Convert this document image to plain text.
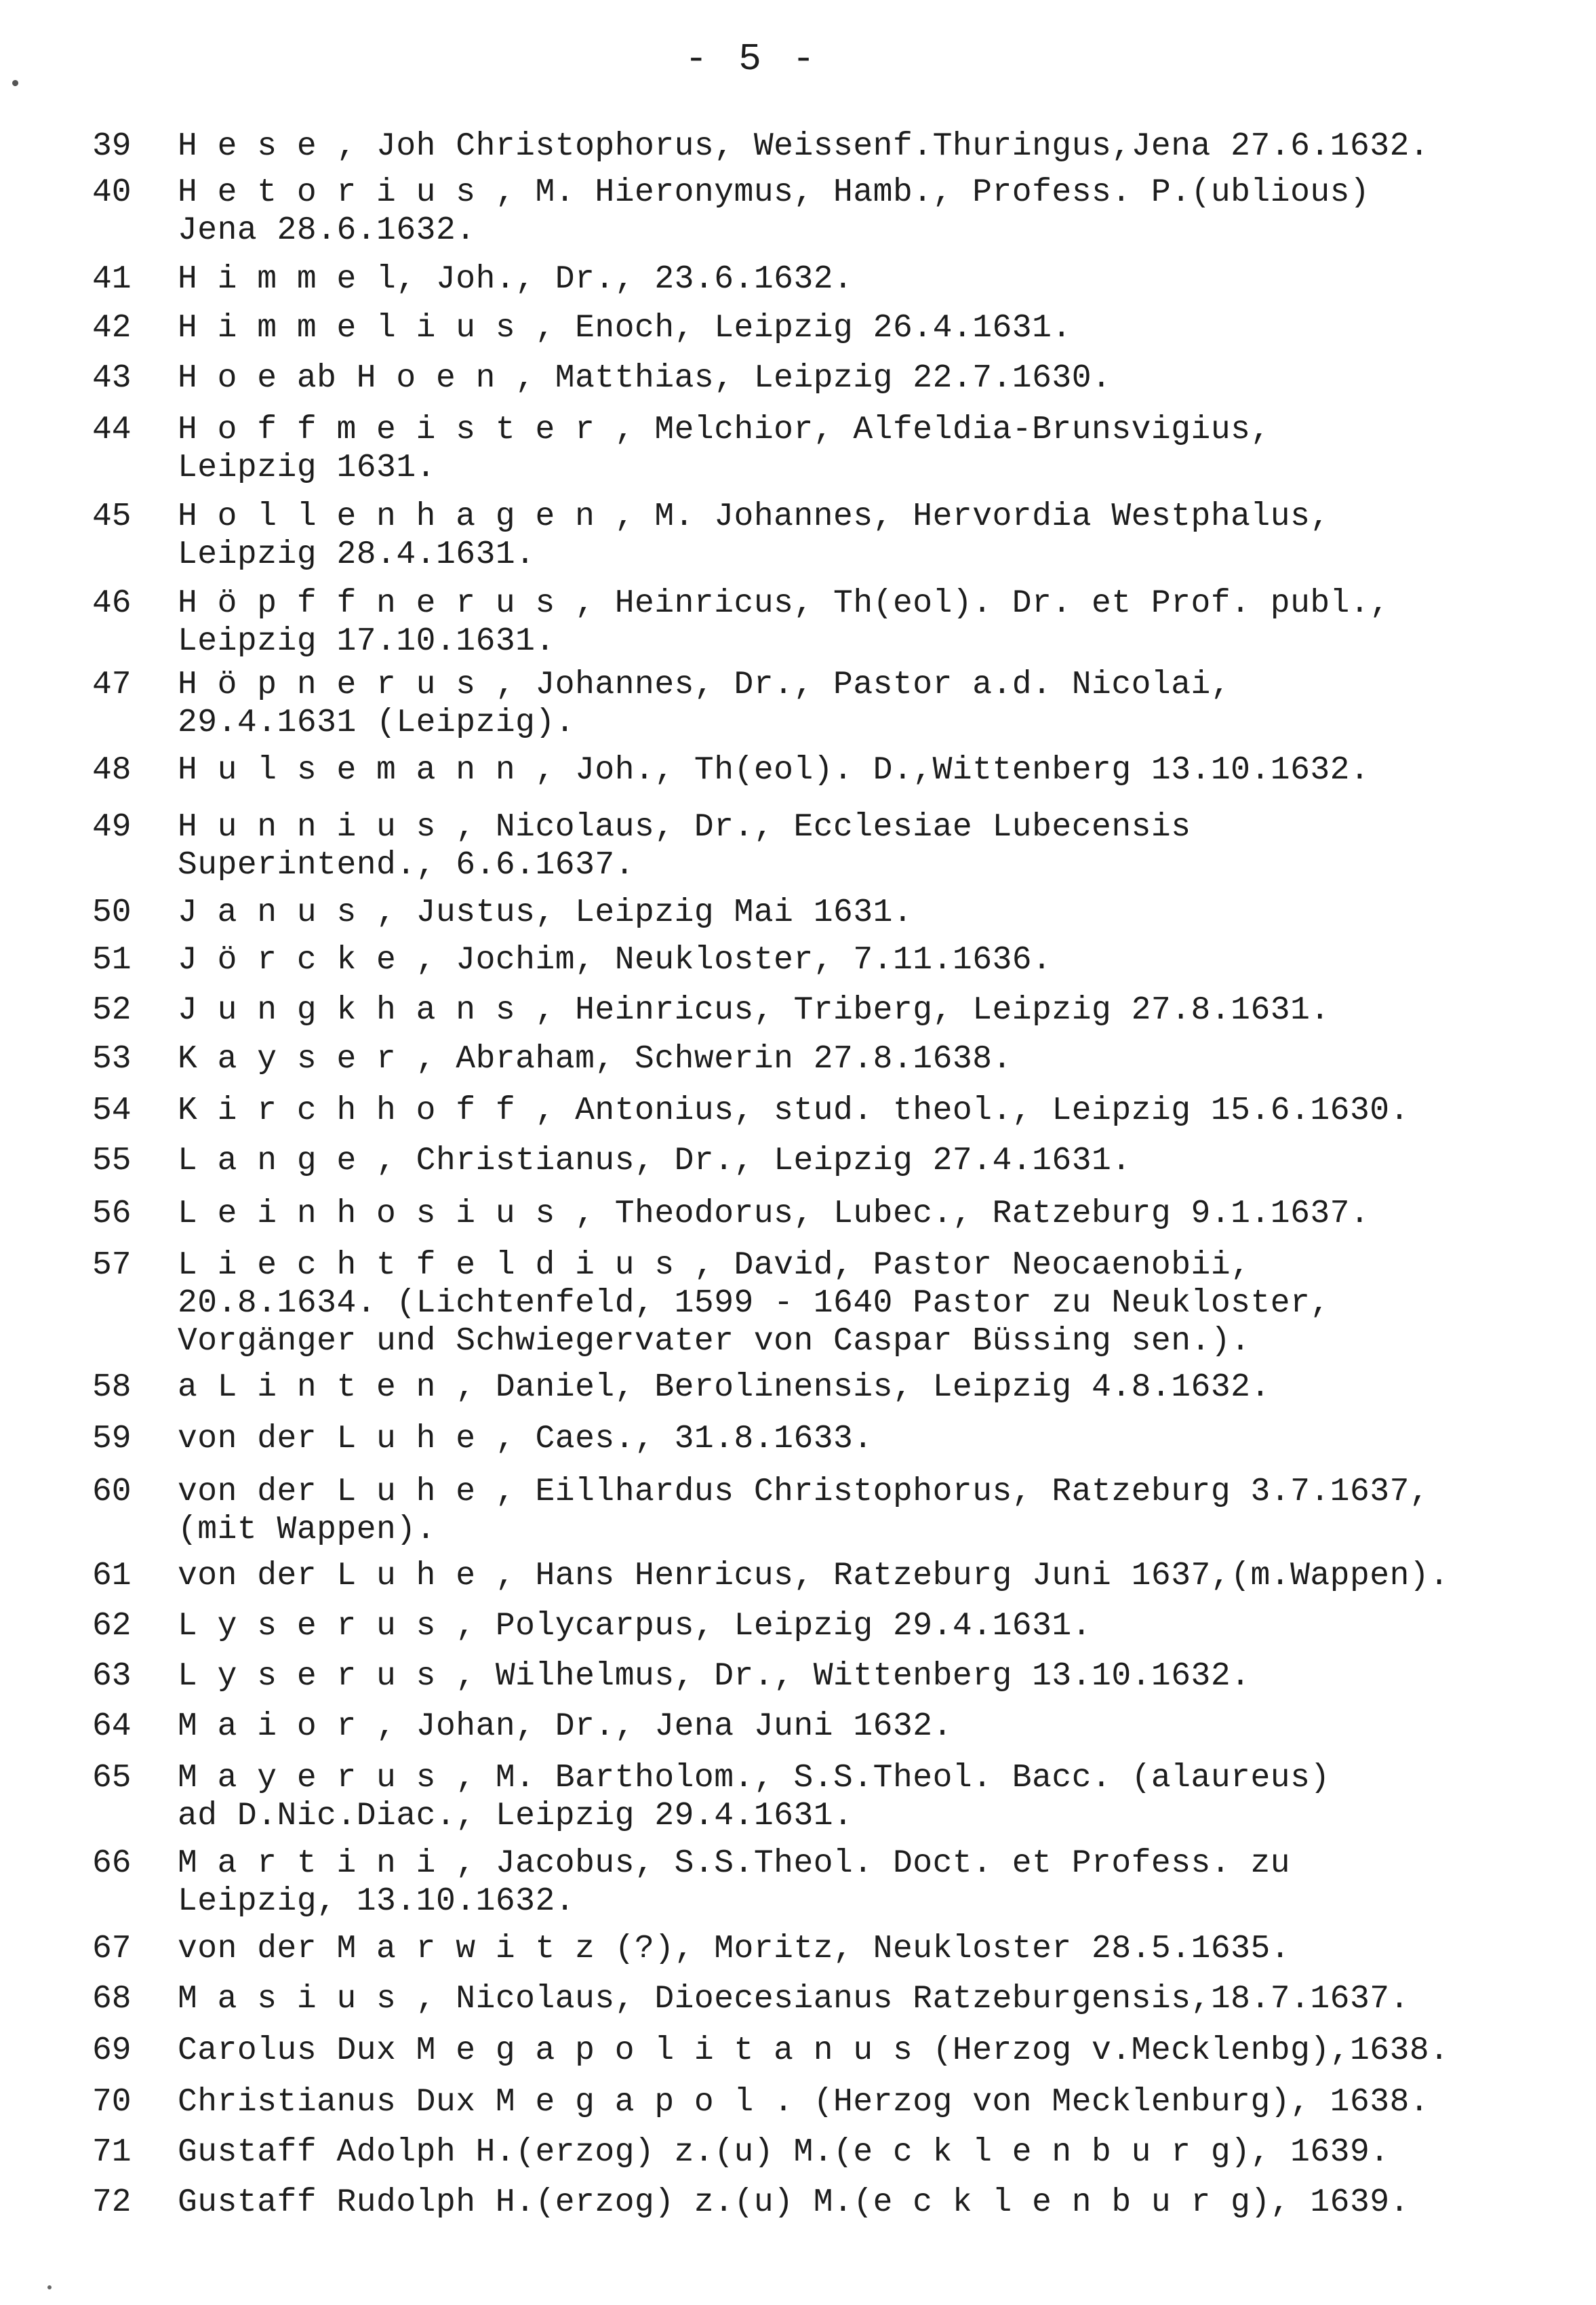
- 5 -
39 H e s e , Joh Christophorus, Weissenf.Thuringus,Jena 27.6.1632.
40 H e t o r i u s , M. Hieronymus, Hamb., Profess. P.(ublious)
Jena 28.6.1632.
41 H i m m e l, Joh., Dr., 23.6.1632.
42 H i m m e l i u s , Enoch, Leipzig 26.4.1631.
43 H o e ab H o e n , Matthias, Leipzig 22.7.1630.
44 H o f f m e i s t e r , Melchior, Alfeldia-Brunsvigius,
Leipzig 1631.
45 H o l l e n h a g e n , M. Johannes, Hervordia Westphalus,
Leipzig 28.4.1631.
46 H ö p f f n e r u s , Heinricus, Th(eol). Dr. et Prof. publ.,
Leipzig 17.10.1631.
47 H ö p n e r u s , Johannes, Dr., Pastor a.d. Nicolai,
29.4.1631 (Leipzig).
48 H u l s e m a n n , Joh., Th(eol). D.,Wittenberg 13.10.1632.
49 H u n n i u s , Nicolaus, Dr., Ecclesiae Lubecensis
Superintend., 6.6.1637.
50 J a n u s , Justus, Leipzig Mai 1631.
51 J ö r c k e , Jochim, Neukloster, 7.11.1636.
52 J u n g k h a n s , Heinricus, Triberg, Leipzig 27.8.1631.
53 K a y s e r , Abraham, Schwerin 27.8.1638.
54 K i r c h h o f f , Antonius, stud. theol., Leipzig 15.6.1630.
55 L a n g e , Christianus, Dr., Leipzig 27.4.1631.
56 L e i n h o s i u s , Theodorus, Lubec., Ratzeburg 9.1.1637.
57 L i e c h t f e l d i u s , David, Pastor Neocaenobii,
20.8.1634. (Lichtenfeld, 1599 - 1640 Pastor zu Neukloster,
Vorgänger und Schwiegervater von Caspar Büssing sen.).
58 a L i n t e n , Daniel, Berolinensis, Leipzig 4.8.1632.
59 von der L u h e , Caes., 31.8.1633.
60 von der L u h e , Eillhardus Christophorus, Ratzeburg 3.7.1637,
(mit Wappen).
61 von der L u h e , Hans Henricus, Ratzeburg Juni 1637,(m.Wappen).
62 L y s e r u s , Polycarpus, Leipzig 29.4.1631.
63 L y s e r u s , Wilhelmus, Dr., Wittenberg 13.10.1632.
64 M a i o r , Johan, Dr., Jena Juni 1632.
65 M a y e r u s , M. Bartholom., S.S.Theol. Bacc. (alaureus)
ad D.Nic.Diac., Leipzig 29.4.1631.
66 M a r t i n i , Jacobus, S.S.Theol. Doct. et Profess. zu
Leipzig, 13.10.1632.
67 von der M a r w i t z (?), Moritz, Neukloster 28.5.1635.
68 M a s i u s , Nicolaus, Dioecesianus Ratzeburgensis,18.7.1637.
69 Carolus Dux M e g a p o l i t a n u s (Herzog v.Mecklenbg),1638.
70 Christianus Dux M e g a p o l . (Herzog von Mecklenburg), 1638.
71 Gustaff Adolph H.(erzog) z.(u) M.(e c k l e n b u r g), 1639.
72 Gustaff Rudolph H.(erzog) z.(u) M.(e c k l e n b u r g), 1639.
